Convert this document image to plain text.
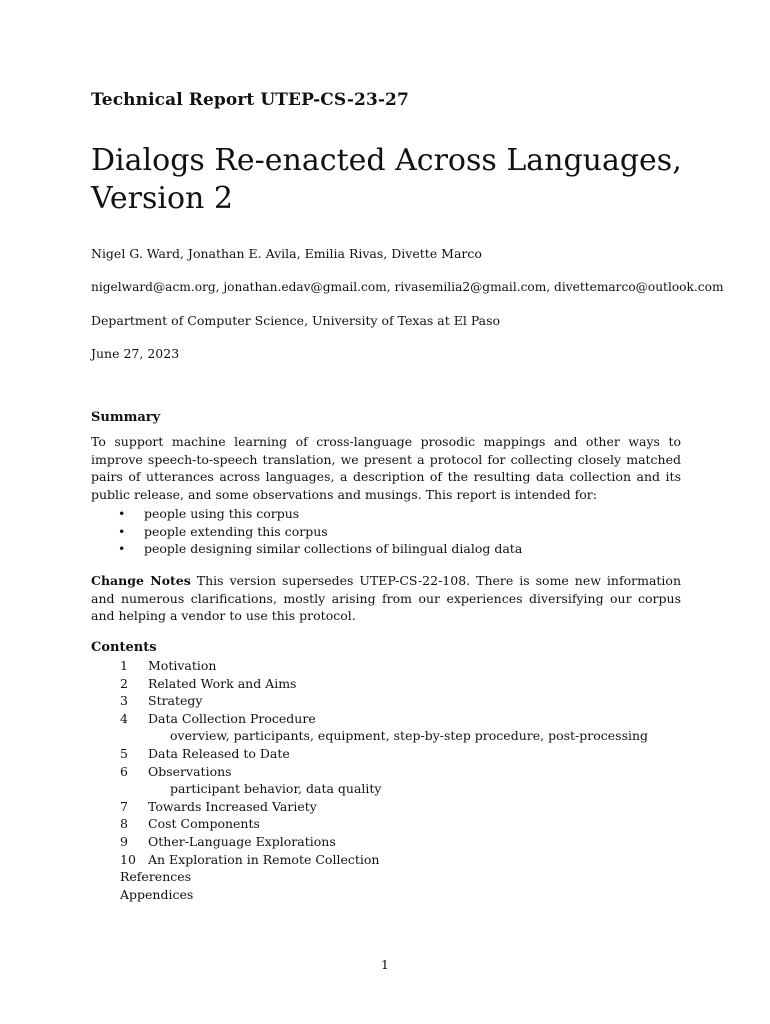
Technical Report UTEP-CS-23-27
Dialogs Re-enacted Across Languages,
Version 2
Nigel G. Ward, Jonathan E. Avila, Emilia Rivas, Divette Marco
nigelward@acm.org, jonathan.edav@gmail.com, rivasemilia2@gmail.com, divettemarco@outlook.com
Department of Computer Science, University of Texas at El Paso
June 27, 2023
Summary
To support machine learning of cross-language prosodic mappings and other ways to improve speech-to-speech translation, we present a protocol for collecting closely matched pairs of utterances across languages, a description of the resulting data collection and its public release, and some observations and musings. This report is intended for:
• people using this corpus
• people extending this corpus
• people designing similar collections of bilingual dialog data
Change Notes This version supersedes UTEP-CS-22-108. There is some new information and numerous clarifications, mostly arising from our experiences diversifying our corpus and helping a vendor to use this protocol.
Contents
1	Motivation
2	Related Work and Aims
3	Strategy
4	Data Collection Procedure
overview, participants, equipment, step-by-step procedure, post-processing
5	Data Released to Date
6	Observations
participant behavior, data quality
7	Towards Increased Variety
8	Cost Components
9	Other-Language Explorations
10 An Exploration in Remote Collection
References
Appendices
1
